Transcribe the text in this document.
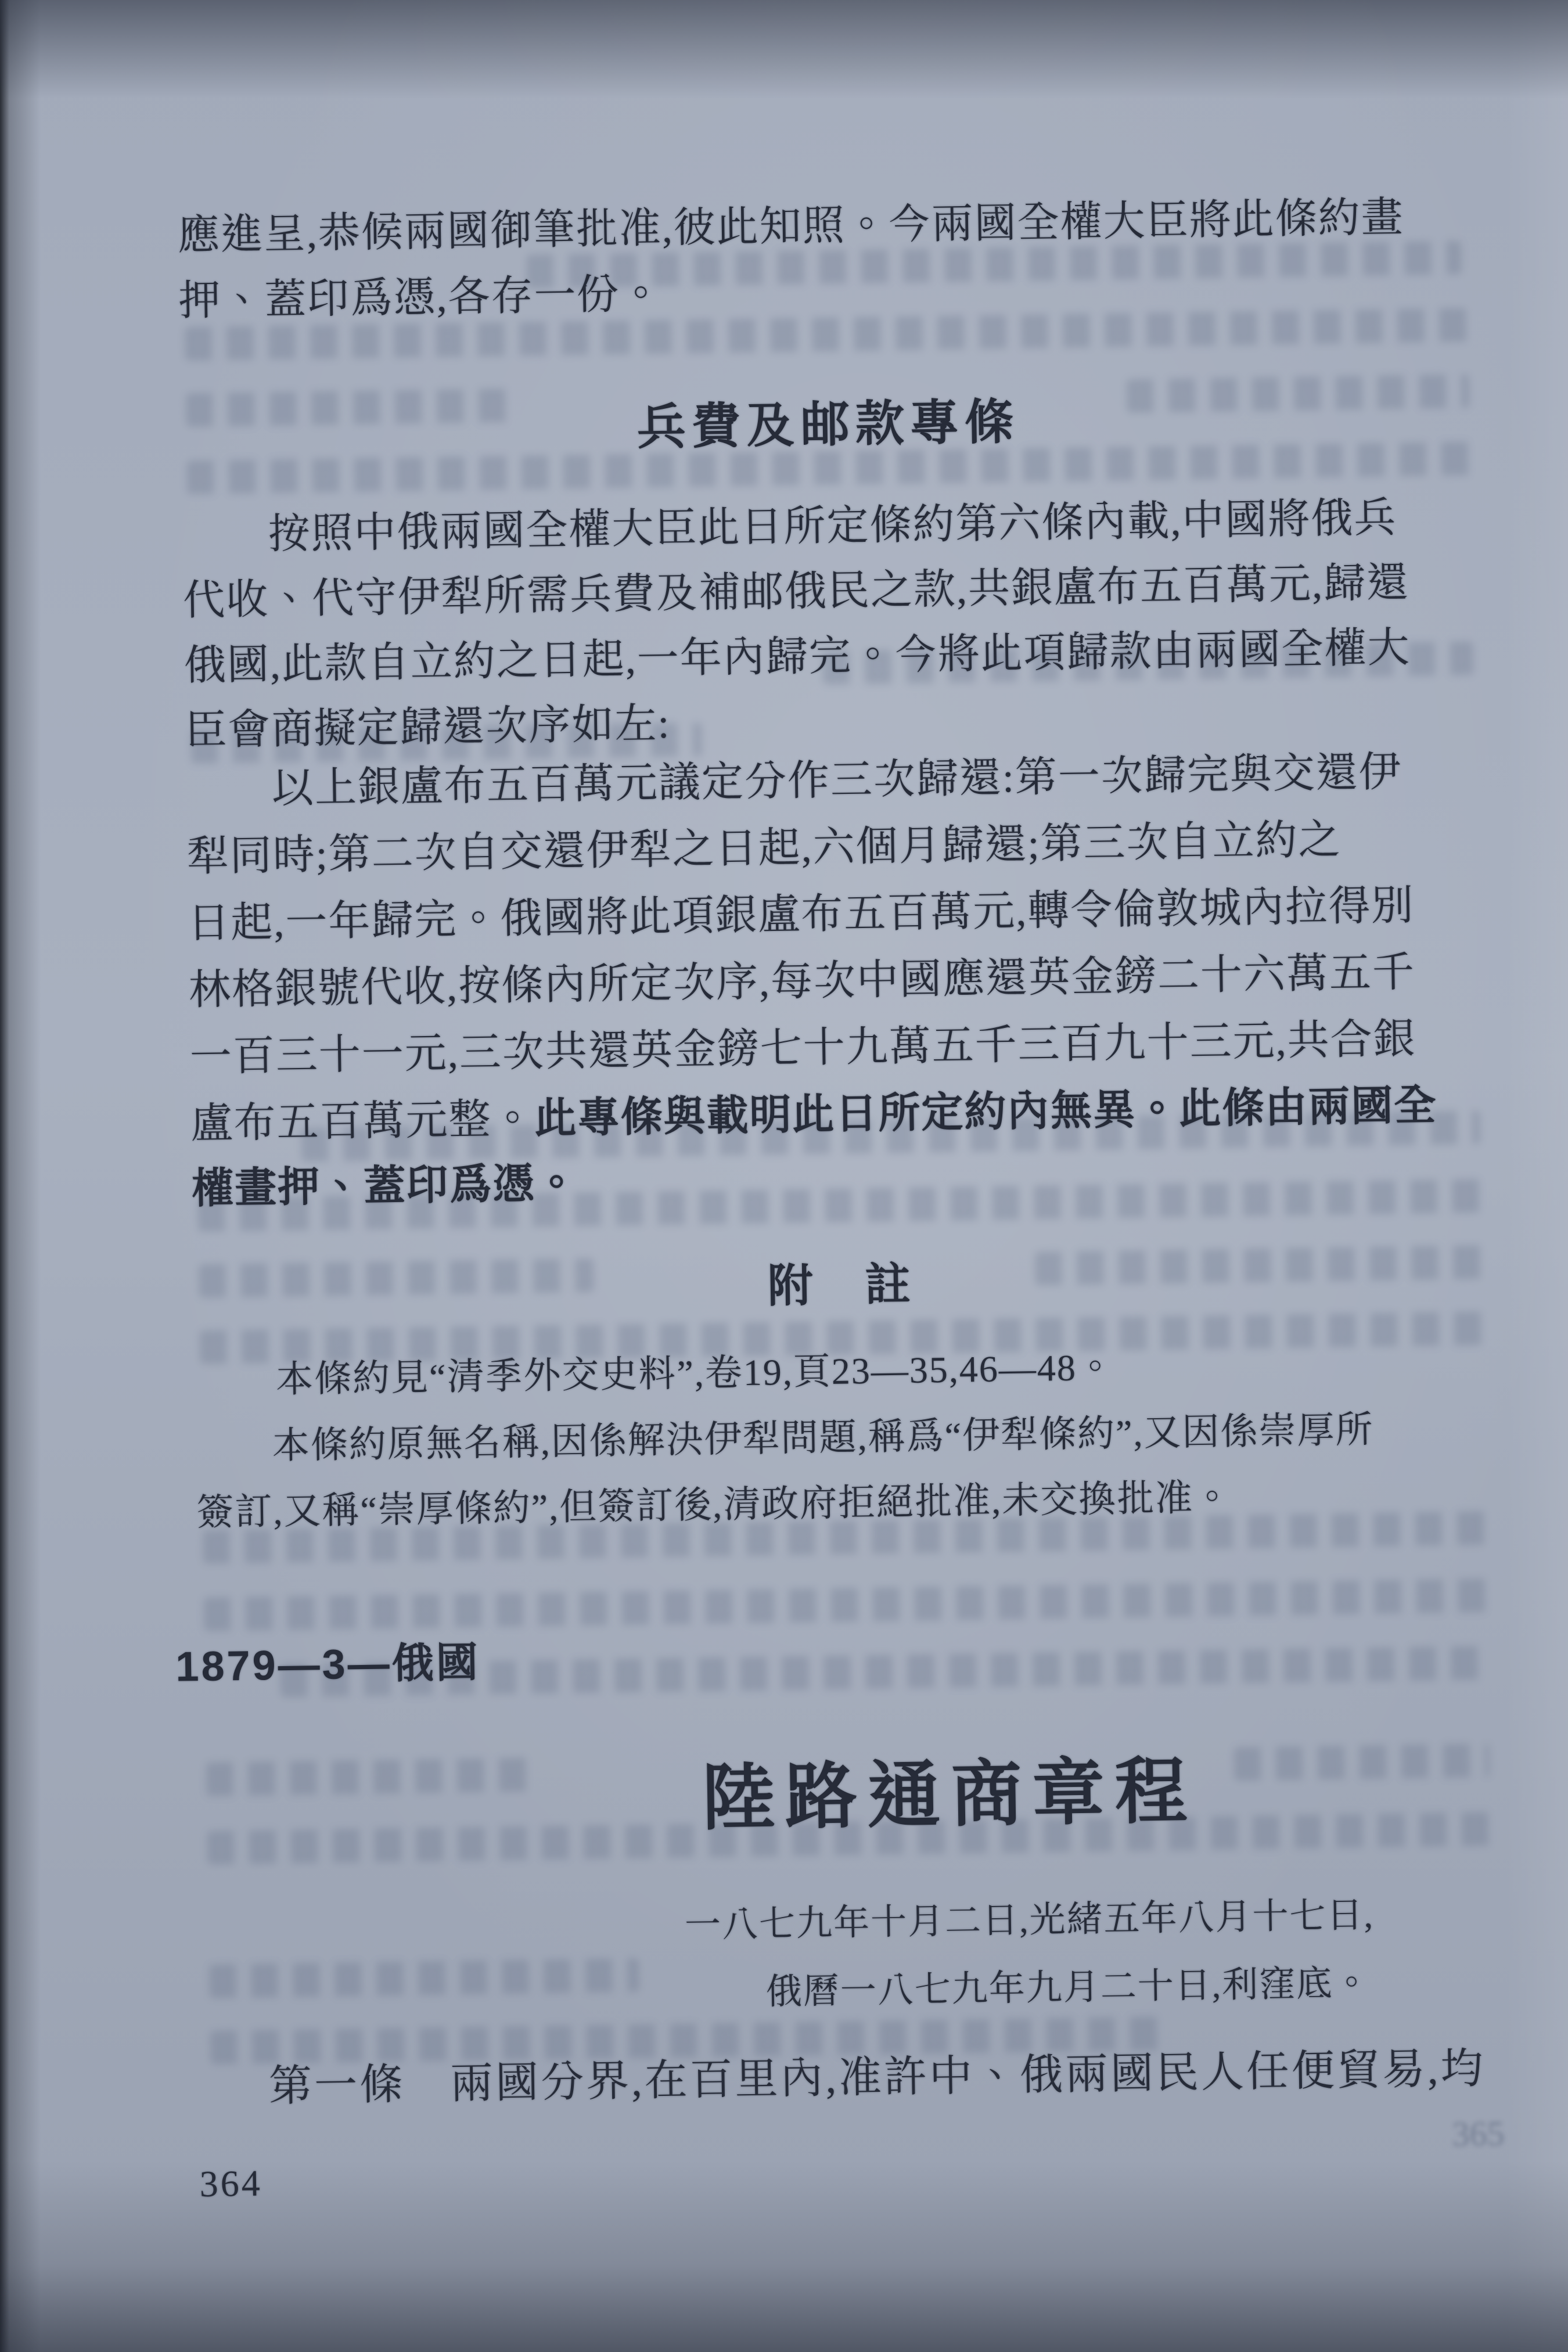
應進呈,恭候兩國御筆批准,彼此知照。今兩國全權大臣將此條約畫
押、蓋印爲憑,各存一份。
兵費及邮款專條
按照中俄兩國全權大臣此日所定條約第六條內載,中國將俄兵
代收、代守伊犁所需兵費及補邮俄民之款,共銀盧布五百萬元,歸還
俄國,此款自立約之日起,一年內歸完。今將此項歸款由兩國全權大
臣會商擬定歸還次序如左:
以上銀盧布五百萬元議定分作三次歸還:第一次歸完與交還伊
犁同時;第二次自交還伊犁之日起,六個月歸還;第三次自立約之
日起,一年歸完。俄國將此項銀盧布五百萬元,轉令倫敦城內拉得別
林格銀號代收,按條內所定次序,每次中國應還英金鎊二十六萬五千
一百三十一元,三次共還英金鎊七十九萬五千三百九十三元,共合銀
盧布五百萬元整。此專條與載明此日所定約內無異。此條由兩國全
權畫押、蓋印爲憑。
附　註
本條約見“清季外交史料”,卷19,頁23—35,46—48。
本條約原無名稱,因係解決伊犁問題,稱爲“伊犁條約”,又因係崇厚所
簽訂,又稱“崇厚條約”,但簽訂後,清政府拒絕批准,未交換批准。
1879—3—俄國
陸路通商章程
一八七九年十月二日,光緒五年八月十七日,
俄曆一八七九年九月二十日,利窪底。
第一條　兩國分界,在百里內,准許中、俄兩國民人任便貿易,均
364
365
